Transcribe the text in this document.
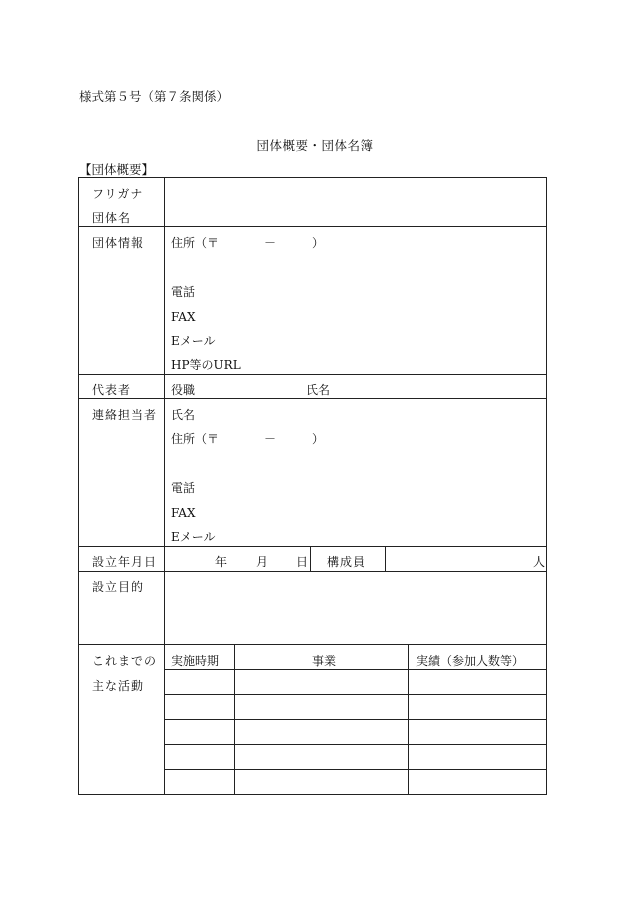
様式第５号（第７条関係）
団体概要・団体名簿
【団体概要】
フリガナ
団体名
団体情報 住所（〒	－	）
電話
FAX
Eメール
HP等のURL
代表者	役職	氏名
連絡担当者 氏名
住所（〒	－	）
電話
FAX
Eメール
設立年月日	年 月 日 構成員	人
設立目的
これまでの
主な活動
実施時期	事業	実績（参加人数等）
